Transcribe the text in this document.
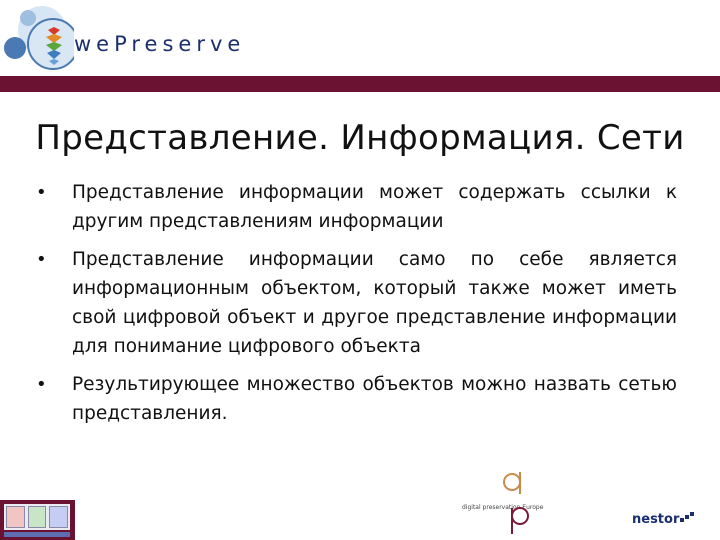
wePreserve
Представление. Информация. Сети
• Представление информации может содержать ссылки к другим представлениям информации
• Представление информации само по себе является информационным объектом, который также может иметь свой цифровой объект и другое представление информации для понимание цифрового объекта
• Результирующее множество объектов можно назвать сетью представления.
digital preservation Europe
nestor
